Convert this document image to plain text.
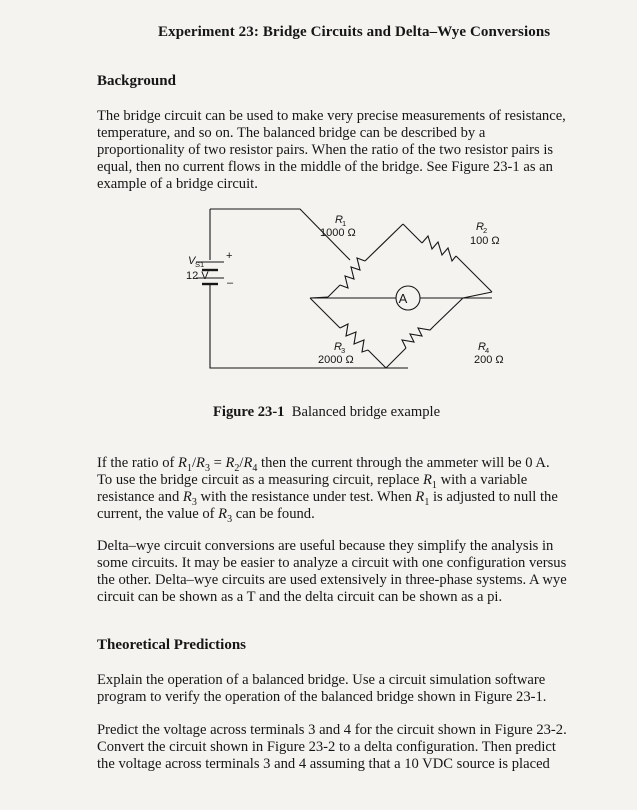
Experiment 23: Bridge Circuits and Delta–Wye Conversions
Background
The bridge circuit can be used to make very precise measurements of resistance, temperature, and so on. The balanced bridge can be described by a proportionality of two resistor pairs. When the ratio of the two resistor pairs is equal, then no current flows in the middle of the bridge. See Figure 23-1 as an example of a bridge circuit.
V S1
12 V
+
–
A
R 1
1000 Ω	R 2
100 Ω
R 3
2000 Ω
R 4
200 Ω
Figure 23-1 Balanced bridge example
If the ratio of $R_1/R_3 = R_2/R_4$ then the current through the ammeter will be 0 A. To use the bridge circuit as a measuring circuit, replace $R_1$ with a variable resistance and $R_3$ with the resistance under test. When $R_1$ is adjusted to null the current, the value of $R_3$ can be found.
Delta–wye circuit conversions are useful because they simplify the analysis in some circuits. It may be easier to analyze a circuit with one configuration versus the other. Delta–wye circuits are used extensively in three-phase systems. A wye circuit can be shown as a T and the delta circuit can be shown as a pi.
Theoretical Predictions
Explain the operation of a balanced bridge. Use a circuit simulation software program to verify the operation of the balanced bridge shown in Figure 23-1.
Predict the voltage across terminals 3 and 4 for the circuit shown in Figure 23-2. Convert the circuit shown in Figure 23-2 to a delta configuration. Then predict the voltage across terminals 3 and 4 assuming that a 10 VDC source is placed
